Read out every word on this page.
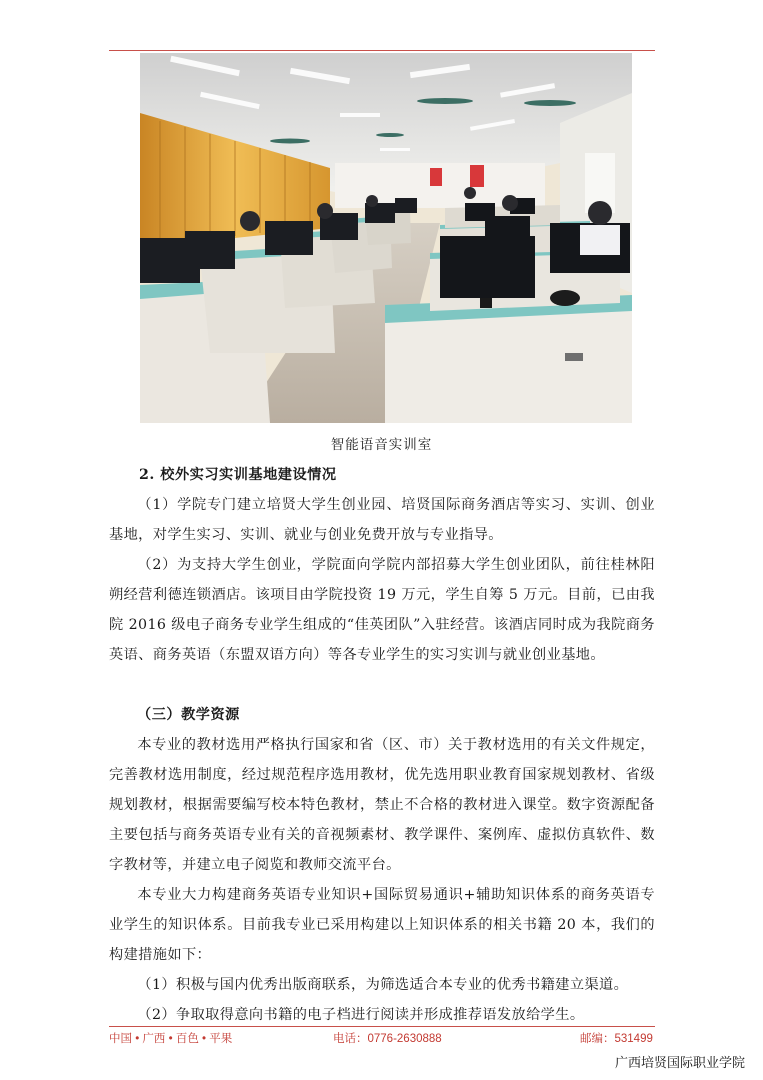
智能语音实训室

2. 校外实习实训基地建设情况

（1）学院专门建立培贤大学生创业园、培贤国际商务酒店等实习、实训、创业基地，对学生实习、实训、就业与创业免费开放与专业指导。

（2）为支持大学生创业，学院面向学院内部招募大学生创业团队，前往桂林阳朔经营利德连锁酒店。该项目由学院投资 19 万元，学生自筹 5 万元。目前，已由我院 2016 级电子商务专业学生组成的“佳英团队”入驻经营。该酒店同时成为我院商务英语、商务英语（东盟双语方向）等各专业学生的实习实训与就业创业基地。

（三）教学资源

本专业的教材选用严格执行国家和省（区、市）关于教材选用的有关文件规定，完善教材选用制度，经过规范程序选用教材，优先选用职业教育国家规划教材、省级规划教材，根据需要编写校本特色教材，禁止不合格的教材进入课堂。数字资源配备主要包括与商务英语专业有关的音视频素材、教学课件、案例库、虚拟仿真软件、数字教材等，并建立电子阅览和教师交流平台。

本专业大力构建商务英语专业知识+国际贸易通识+辅助知识体系的商务英语专业学生的知识体系。目前我专业已采用构建以上知识体系的相关书籍 20 本，我们的构建措施如下：

（1）积极与国内优秀出版商联系，为筛选适合本专业的优秀书籍建立渠道。

（2）争取取得意向书籍的电子档进行阅读并形成推荐语发放给学生。

中国 • 广西 • 百色 • 平果	电话：0776-2630888	邮编：531499
广西培贤国际职业学院
